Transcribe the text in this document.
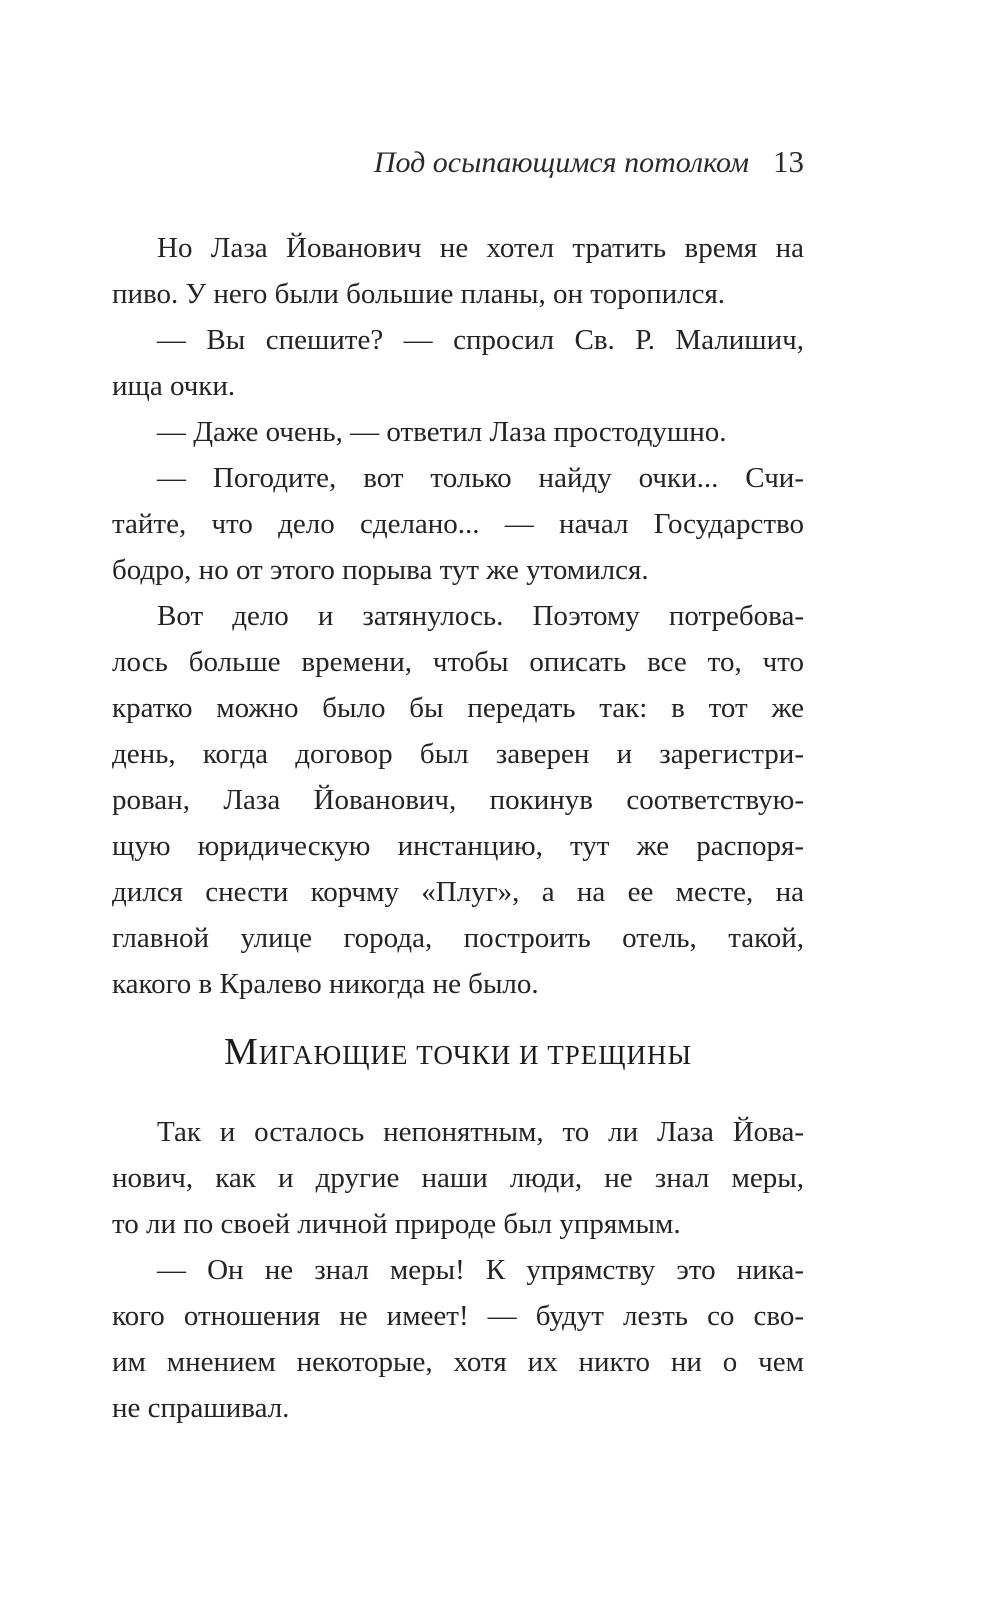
Под осыпающимся потолком 13
Но Лаза Йованович не хотел тратить время на
пиво. У него были большие планы, он торопился.
— Вы спешите? — спросил Св. Р. Малишич,
ища очки.
— Даже очень, — ответил Лаза простодушно.
— Погодите, вот только найду очки... Счи-
тайте, что дело сделано... — начал Государство
бодро, но от этого порыва тут же утомился.
Вот дело и затянулось. Поэтому потребова-
лось больше времени, чтобы описать все то, что
кратко можно было бы передать так: в тот же
день, когда договор был заверен и зарегистри-
рован, Лаза Йованович, покинув соответствую-
щую юридическую инстанцию, тут же распоря-
дился снести корчму «Плуг», а на ее месте, на
главной улице города, построить отель, такой,
какого в Кралево никогда не было.
МИГАЮЩИЕ ТОЧКИ И ТРЕЩИНЫ
Так и осталось непонятным, то ли Лаза Йова-
нович, как и другие наши люди, не знал меры,
то ли по своей личной природе был упрямым.
— Он не знал меры! К упрямству это ника-
кого отношения не имеет! — будут лезть со сво-
им мнением некоторые, хотя их никто ни о чем
не спрашивал.
